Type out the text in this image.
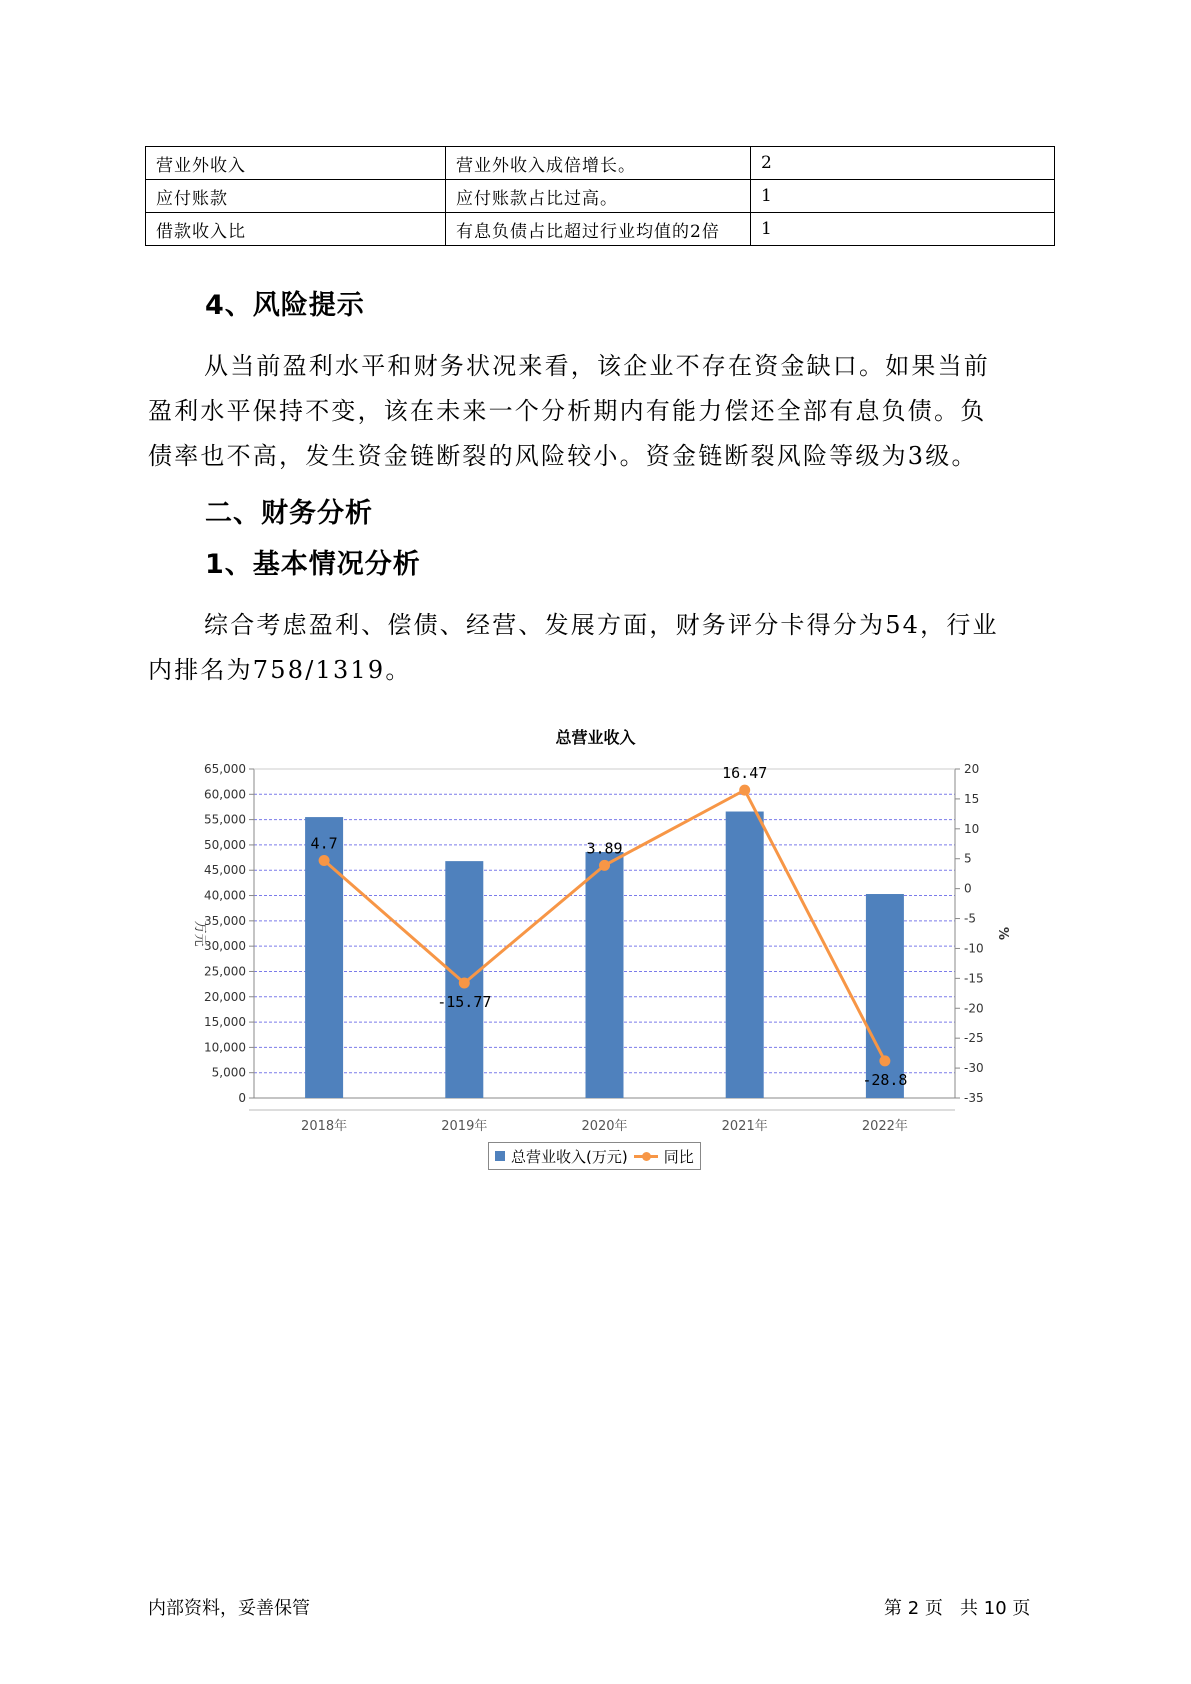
营业外收入	营业外收入成倍增长。	2
应付账款	应付账款占比过高。	1
借款收入比	有息负债占比超过行业均值的2倍	1
4、风险提示

从当前盈利水平和财务状况来看，该企业不存在资金缺口。如果当前

盈利水平保持不变，该在未来一个分析期内有能力偿还全部有息负债。负

债率也不高，发生资金链断裂的风险较小。资金链断裂风险等级为3级。

二、财务分析
1、基本情况分析

综合考虑盈利、偿债、经营、发展方面，财务评分卡得分为54，行业

内排名为758/1319。

总营业收入
0
5,000
10,000
15,000
20,000
25,000
30,000
35,000
40,000
45,000
50,000
55,000
60,000
65,000
-35
-30
-25
-20
-15
-10
-5
0
5
10
15
20
万元	%
2018年	2019年	2020年	2021年	2022年
4.7
-15.77
3.89
16.47
-28.8
总营业收入(万元) 同比
内部资料，妥善保管	第 2 页   共 10 页
